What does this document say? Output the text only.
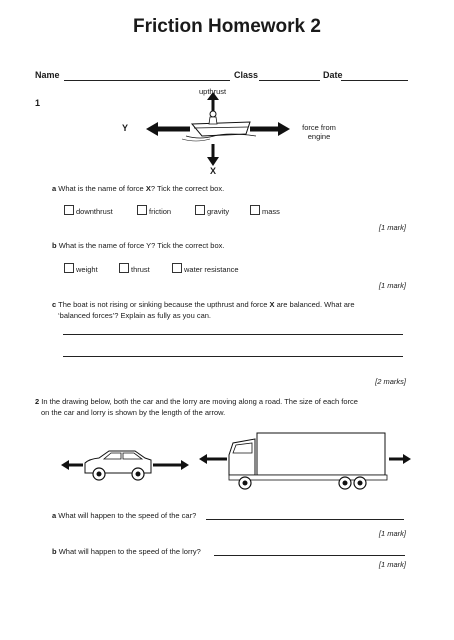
Friction Homework 2
Name	Class	Date
1
upthrust
Y
X
force from
engine
a What is the name of force X? Tick the correct box.
downthrust	friction	gravity	mass
[1 mark]
b What is the name of force Y? Tick the correct box.
weight	thrust	water resistance
[1 mark]
c The boat is not rising or sinking because the upthrust and force X are balanced. What are
‘balanced forces’? Explain as fully as you can.
[2 marks]
2 In the drawing below, both the car and the lorry are moving along a road. The size of each force
on the car and lorry is shown by the length of the arrow.
a What will happen to the speed of the car?
[1 mark]
b What will happen to the speed of the lorry?
[1 mark]
